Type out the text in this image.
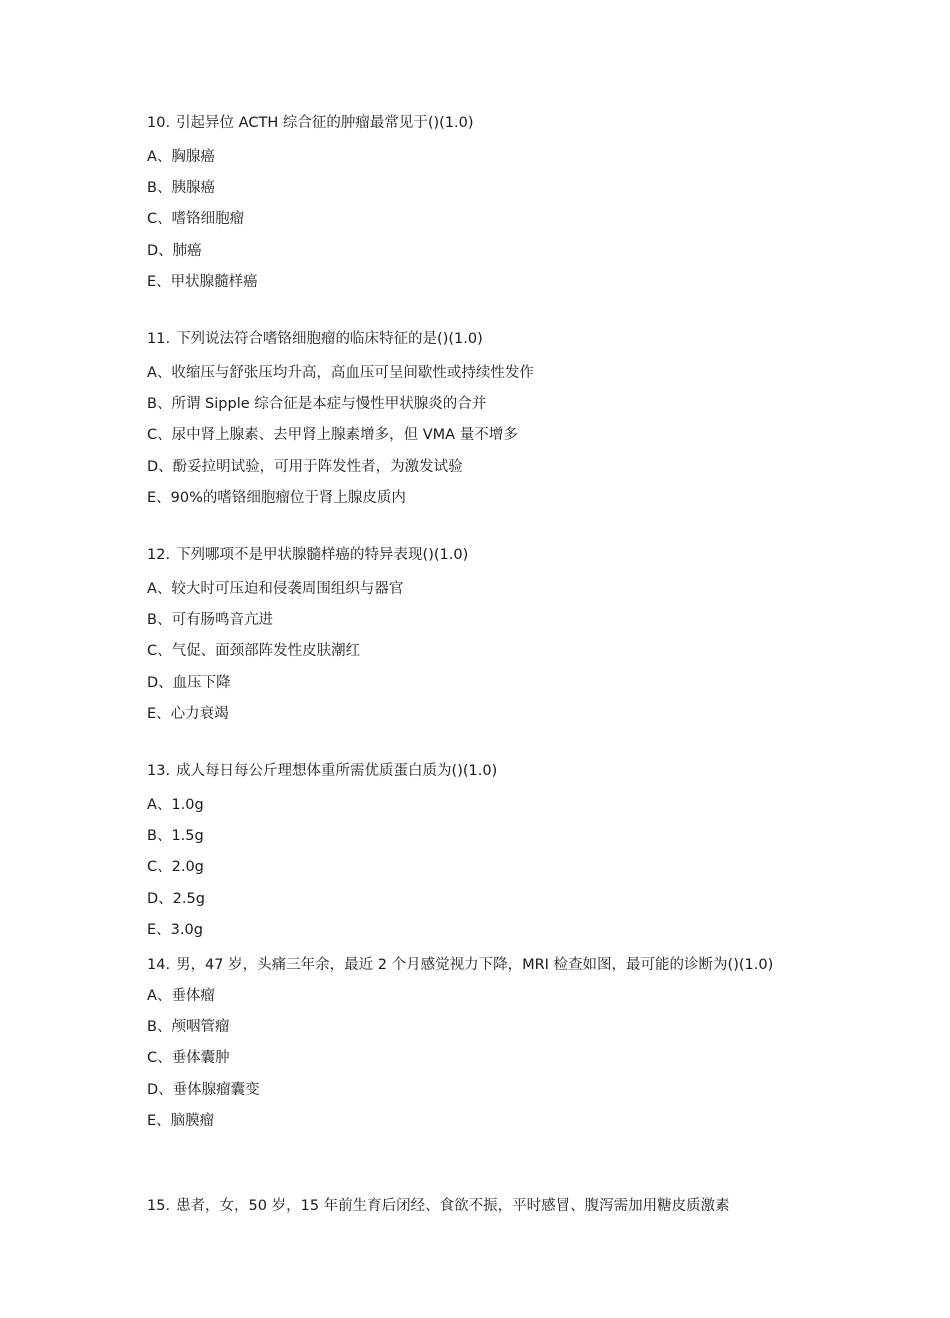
10. 引起异位 ACTH 综合征的肿瘤最常见于()(1.0)

A、胸腺癌
B、胰腺癌
C、嗜铬细胞瘤
D、肺癌
E、甲状腺髓样癌

11. 下列说法符合嗜铬细胞瘤的临床特征的是()(1.0)

A、收缩压与舒张压均升高，高血压可呈间歇性或持续性发作
B、所谓 Sipple 综合征是本症与慢性甲状腺炎的合并
C、尿中肾上腺素、去甲肾上腺素增多，但 VMA 量不增多
D、酚妥拉明试验，可用于阵发性者，为激发试验
E、90%的嗜铬细胞瘤位于肾上腺皮质内

12. 下列哪项不是甲状腺髓样癌的特异表现()(1.0)

A、较大时可压迫和侵袭周围组织与器官
B、可有肠鸣音亢进
C、气促、面颈部阵发性皮肤潮红
D、血压下降
E、心力衰竭

13. 成人每日每公斤理想体重所需优质蛋白质为()(1.0)

A、1.0g
B、1.5g
C、2.0g
D、2.5g
E、3.0g

14. 男，47 岁，头痛三年余，最近 2 个月感觉视力下降，MRI 检查如图，最可能的诊断为()(1.0)

A、垂体瘤
B、颅咽管瘤
C、垂体囊肿
D、垂体腺瘤囊变
E、脑膜瘤

15. 患者，女，50 岁，15 年前生育后闭经、食欲不振，平时感冒、腹泻需加用糖皮质激素
